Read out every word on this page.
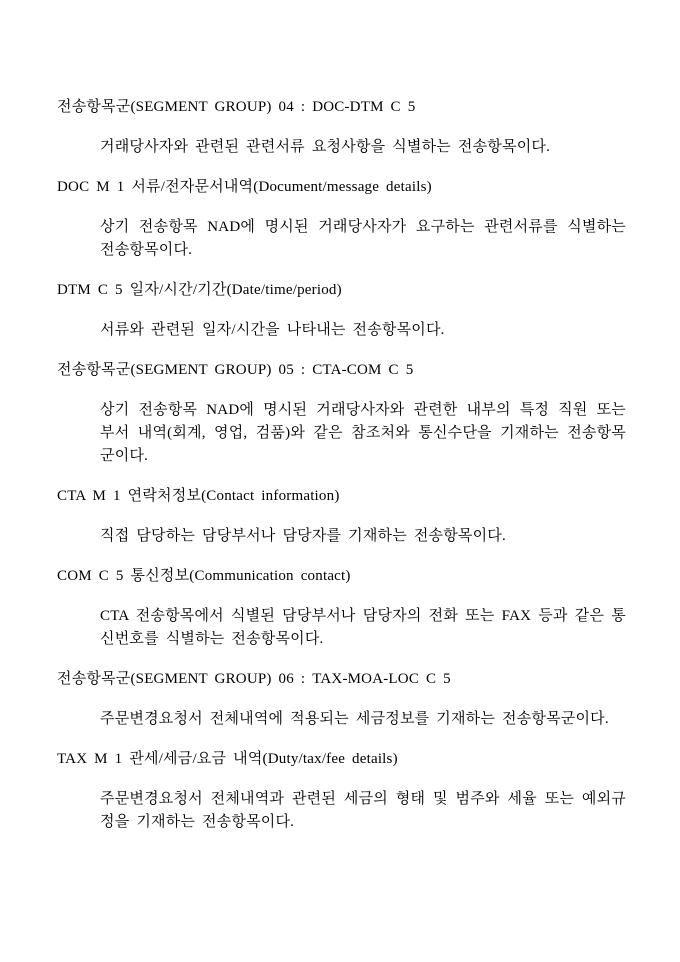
전송항목군(SEGMENT GROUP) 04 : DOC-DTM C 5
거래당사자와 관련된 관련서류 요청사항을 식별하는 전송항목이다.
DOC M 1 서류/전자문서내역(Document/message details)
상기 전송항목 NAD에 명시된 거래당사자가 요구하는 관련서류를 식별하는 전송항목이다.
DTM C 5 일자/시간/기간(Date/time/period)
서류와 관련된 일자/시간을 나타내는 전송항목이다.
전송항목군(SEGMENT GROUP) 05 : CTA-COM C 5
상기 전송항목 NAD에 명시된 거래당사자와 관련한 내부의 특정 직원 또는 부서 내역(회계, 영업, 검품)와 같은 참조처와 통신수단을 기재하는 전송항목군이다.
CTA M 1 연락처정보(Contact information)
직접 담당하는 담당부서나 담당자를 기재하는 전송항목이다.
COM C 5 통신정보(Communication contact)
CTA 전송항목에서 식별된 담당부서나 담당자의 전화 또는 FAX 등과 같은 통신번호를 식별하는 전송항목이다.
전송항목군(SEGMENT GROUP) 06 : TAX-MOA-LOC C 5
주문변경요청서 전체내역에 적용되는 세금정보를 기재하는 전송항목군이다.
TAX M 1 관세/세금/요금 내역(Duty/tax/fee details)
주문변경요청서 전체내역과 관련된 세금의 형태 및 범주와 세율 또는 예외규정을 기재하는 전송항목이다.
